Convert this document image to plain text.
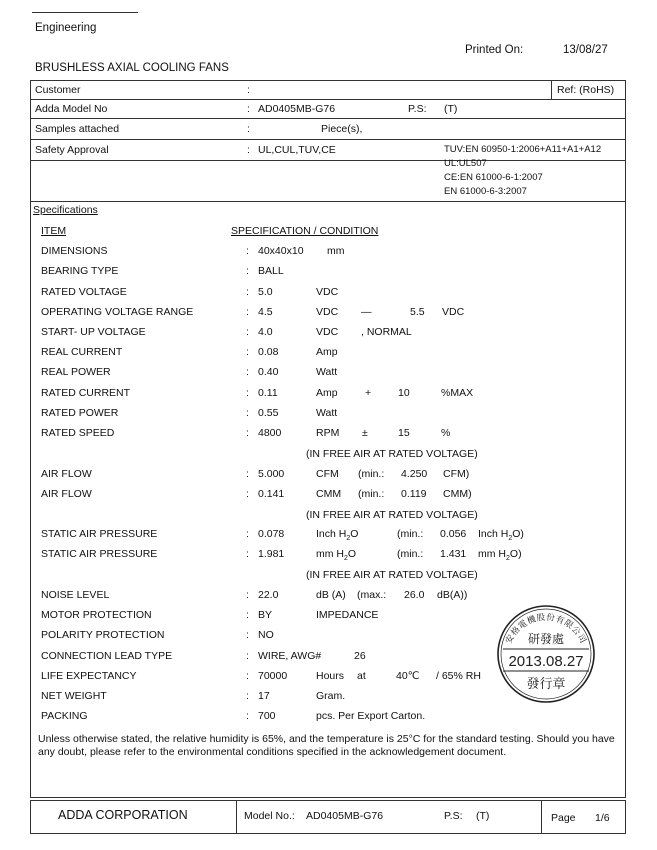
Engineering
Printed On:	13/08/27
BRUSHLESS AXIAL COOLING FANS
Customer	:	Ref: (RoHS)
Adda Model No	: AD0405MB-G76	P.S: (T)
Samples attached	:	Piece(s),
Safety Approval	: UL,CUL,TUV,CE	TUV:EN 60950-1:2006+A11+A1+A12
UL:UL507
CE:EN 61000-6-1:2007
EN 61000-6-3:2007
Specifications
ITEM	SPECIFICATION / CONDITION
DIMENSIONS	: 40x40x10 mm
BEARING TYPE	: BALL
RATED VOLTAGE	: 5.0	VDC
OPERATING VOLTAGE RANGE	: 4.5	VDC —	5.5 VDC
START- UP VOLTAGE	: 4.0	VDC , NORMAL
REAL CURRENT	: 0.08	Amp
REAL POWER	: 0.40	Watt
RATED CURRENT	: 0.11	Amp	+	10	%MAX
RATED POWER	: 0.55	Watt
RATED SPEED	: 4800	RPM ±	15	%
(IN FREE AIR AT RATED VOLTAGE)
AIR FLOW	: 5.000	CFM (min.: 4.250 CFM)
AIR FLOW	: 0.141	CMM (min.: 0.119 CMM)
(IN FREE AIR AT RATED VOLTAGE)
STATIC AIR PRESSURE	: 0.078	Inch $H_2O$	(min.: 0.056 Inch $H_2O$)
STATIC AIR PRESSURE	: 1.981	mm $H_2O$	(min.: 1.431 mm $H_2O$)
(IN FREE AIR AT RATED VOLTAGE)
NOISE LEVEL	: 22.0	dB (A) (max.: 26.0 dB(A))
MOTOR PROTECTION	: BY	IMPEDANCE
POLARITY PROTECTION	: NO
CONNECTION LEAD TYPE	: WIRE, AWG#	26
LIFE EXPECTANCY	: 70000	Hours at	40℃ / 65% RH
NET WEIGHT	: 17	Gram.
PACKING	: 700	pcs. Per Export Carton.
Unless otherwise stated, the relative humidity is 65%, and the temperature is 25°C for the standard testing. Should you have any doubt, please refer to the environmental conditions specified in the acknowledgement document.
安格電機股份有限公司
研發處
2013.08.27
發行章
ADDA CORPORATION	Model No.: AD0405MB-G76	P.S: (T)	Page 1/6
